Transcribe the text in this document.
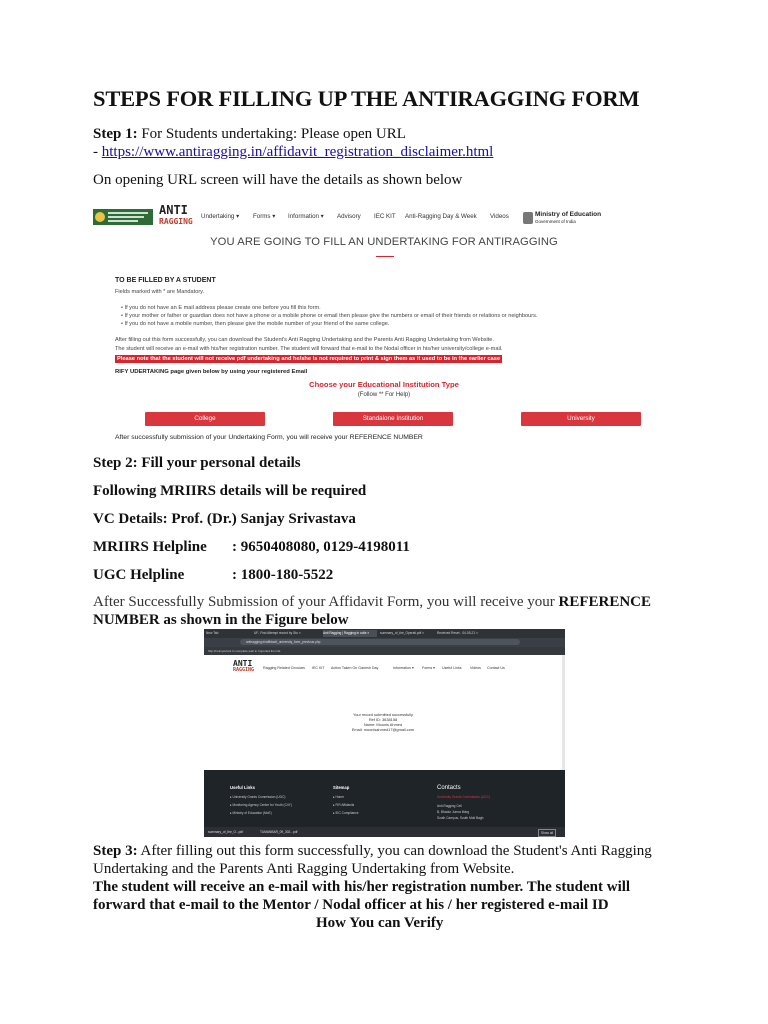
STEPS FOR FILLING UP THE ANTIRAGGING FORM

Step 1: For Students undertaking: Please open URL
- https://www.antiragging.in/affidavit_registration_disclaimer.html

On opening URL screen will have the details as shown below

ANTI
RAGGING
Undertaking ▾ Forms ▾ Information ▾ Advisory IEC KIT Anti-Ragging Day & Week Videos	Ministry of Education
Government of India
YOU ARE GOING TO FILL AN UNDERTAKING FOR ANTIRAGGING
TO BE FILLED BY A STUDENT
Fields marked with * are Mandatory.
• If you do not have an E mail address please create one before you fill this form.
• If your mother or father or guardian does not have a phone or a mobile phone or email then please give the numbers or email of their friends or relations or neighbours.
• If you do not have a mobile number, then please give the mobile number of your friend of the same college.
After filling out this form successfully, you can download the Student's Anti Ragging Undertaking and the Parents Anti Ragging Undertaking from Website.
The student will receive an e-mail with his/her registration number. The student will forward that e-mail to the Nodal officer in his/her university/college e-mail.
Please note that the student will not receive pdf undertaking and he/she is not required to print & sign them as it used to be in the earlier case
RIFY UDERTAKING page given below by using your registered Email
Choose your Educational Institution Type
(Follow ** For Help)
College	Standalone Institution	University
After successfully submission of your Undertaking Form, you will receive your REFERENCE NUMBER

Step 2: Fill your personal details

Following MRIIRS details will be required

VC Details: Prof. (Dr.) Sanjay Srivastava

MRIIRS Helpline : 9650408080, 0129-4198011

UGC Helpline	: 1800-180-5522

After Successfully Submission of your Affidavit Form, you will receive your REFERENCE
NUMBER as shown in the Figure below

New Tab	UF- Find Attempt record by Stu ×	Anti Ragging | Ragging in colle ×	summary_of_the_Operati.pdf ×	Received Reset - 04-05-21 ×
antiragging.in/affidavit_university_form_previous.php
http://noimportant In complete web in Imported from IE
ANTI
RAGGING Ragging Related Circulars IEC KIT Action Taken On Ganesh Day	Information ▾ Forms ▾ Useful Links Videos Contact Us
Your record submitted successfully
Ref ID: 3638158
Name: Moonis Ahmed
Email: moonisahmed17@gmail.com
Useful Links
▸ University Grants Commission (UGC)
▸ Monitoring Agency Centre for Youth (C4Y)
▸ Ministry of Education (MoE)
Sitemap
▸ Home
▸ FIR Affidavits
▸ IEC Compliance
Contacts
University Grants Commission (UGC)
Anti-Ragging Cell
B, Bhadur Jumra Marg
South Campus, South Moti Bagh
summary_of_the_O...pdf	TUMANBAR_09_302...pdf	Show all

Step 3: After filling out this form successfully, you can download the Student's Anti Ragging Undertaking and the Parents Anti Ragging Undertaking from Website.

The student will receive an e-mail with his/her registration number. The student will forward that e-mail to the Mentor / Nodal officer at his / her registered e-mail ID

How You can Verify
